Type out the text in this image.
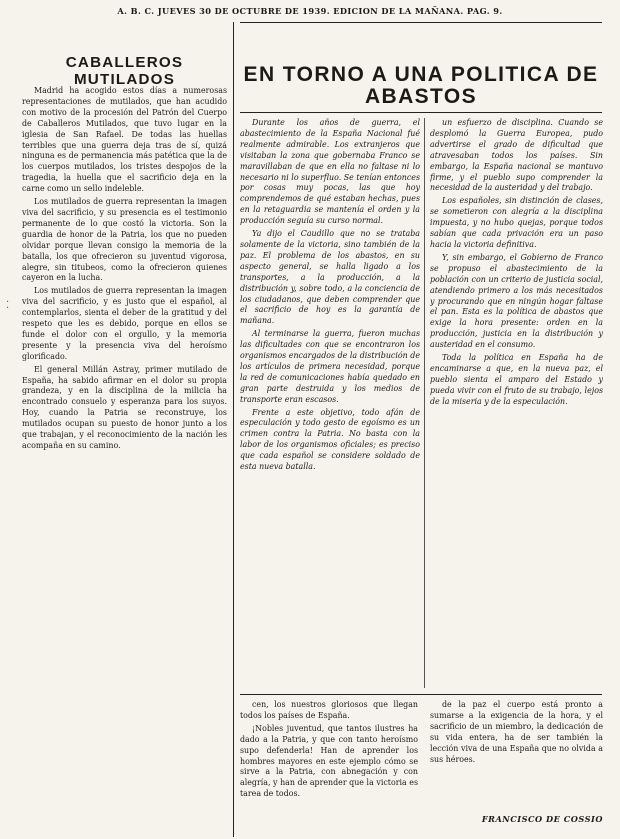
A. B. C. JUEVES 30 DE OCTUBRE DE 1939. EDICION DE LA MAÑANA. PAG. 9.
CABALLEROS MUTILADOS

Madrid ha acogido estos días a numerosas representaciones de mutilados, que han acudido con motivo de la procesión del Patrón del Cuerpo de Caballeros Mutilados, que tuvo lugar en la iglesia de San Rafael. De todas las huellas terribles que una guerra deja tras de sí, quizá ninguna es de permanencia más patética que la de los cuerpos mutilados, los tristes despojos de la tragedia, la huella que el sacrificio deja en la carne como un sello indeleble.

Los mutilados de guerra representan la imagen viva del sacrificio, y su presencia es el testimonio permanente de lo que costó la victoria. Son la guardia de honor de la Patria, los que no pueden olvidar porque llevan consigo la memoria de la batalla, los que ofrecieron su juventud vigorosa, alegre, sin titubeos, como la ofrecieron quienes cayeron en la lucha.

Los mutilados de guerra representan la imagen viva del sacrificio, y es justo que el español, al contemplarlos, sienta el deber de la gratitud y del respeto que les es debido, porque en ellos se funde el dolor con el orgullo, y la memoria presente y la presencia viva del heroísmo glorificado.

El general Millán Astray, primer mutilado de España, ha sabido afirmar en el dolor su propia grandeza, y en la disciplina de la milicia ha encontrado consuelo y esperanza para los suyos. Hoy, cuando la Patria se reconstruye, los mutilados ocupan su puesto de honor junto a los que trabajan, y el reconocimiento de la nación les acompaña en su camino.

EN TORNO A UNA POLITICA DE ABASTOS

Durante los años de guerra, el abastecimiento de la España Nacional fué realmente admirable. Los extranjeros que visitaban la zona que gobernaba Franco se maravillaban de que en ella no faltase ni lo necesario ni lo superfluo. Se tenían entonces por cosas muy pocas, las que hoy comprendemos de qué estaban hechas, pues en la retaguardia se mantenía el orden y la producción seguía su curso normal.

Ya dijo el Caudillo que no se trataba solamente de la victoria, sino también de la paz. El problema de los abastos, en su aspecto general, se halla ligado a los transportes, a la producción, a la distribución y, sobre todo, a la conciencia de los ciudadanos, que deben comprender que el sacrificio de hoy es la garantía de mañana.

Al terminarse la guerra, fueron muchas las dificultades con que se encontraron los organismos encargados de la distribución de los artículos de primera necesidad, porque la red de comunicaciones había quedado en gran parte destruida y los medios de transporte eran escasos.

Frente a este objetivo, todo afán de especulación y todo gesto de egoísmo es un crimen contra la Patria. No basta con la labor de los organismos oficiales; es preciso que cada español se considere soldado de esta nueva batalla.

un esfuerzo de disciplina. Cuando se desplomó la Guerra Europea, pudo advertirse el grado de dificultad que atravesaban todos los países. Sin embargo, la España nacional se mantuvo firme, y el pueblo supo comprender la necesidad de la austeridad y del trabajo.

Los españoles, sin distinción de clases, se sometieron con alegría a la disciplina impuesta, y no hubo quejas, porque todos sabían que cada privación era un paso hacia la victoria definitiva.

Y, sin embargo, el Gobierno de Franco se propuso el abastecimiento de la población con un criterio de justicia social, atendiendo primero a los más necesitados y procurando que en ningún hogar faltase el pan. Esta es la política de abastos que exige la hora presente: orden en la producción, justicia en la distribución y austeridad en el consumo.

Toda la política en España ha de encaminarse a que, en la nueva paz, el pueblo sienta el amparo del Estado y pueda vivir con el fruto de su trabajo, lejos de la miseria y de la especulación.

cen, los nuestros gloriosos que llegan todos los países de España.

¡Nobles juventud, que tantos ilustres ha dado a la Patria, y que con tanto heroísmo supo defenderla! Han de aprender los hombres mayores en este ejemplo cómo se sirve a la Patria, con abnegación y con alegría, y han de aprender que la victoria es tarea de todos.

de la paz el cuerpo está pronto a sumarse a la exigencia de la hora, y el sacrificio de un miembro, la dedicación de su vida entera, ha de ser también la lección viva de una España que no olvida a sus héroes.

FRANCISCO DE COSSIO
⁚
